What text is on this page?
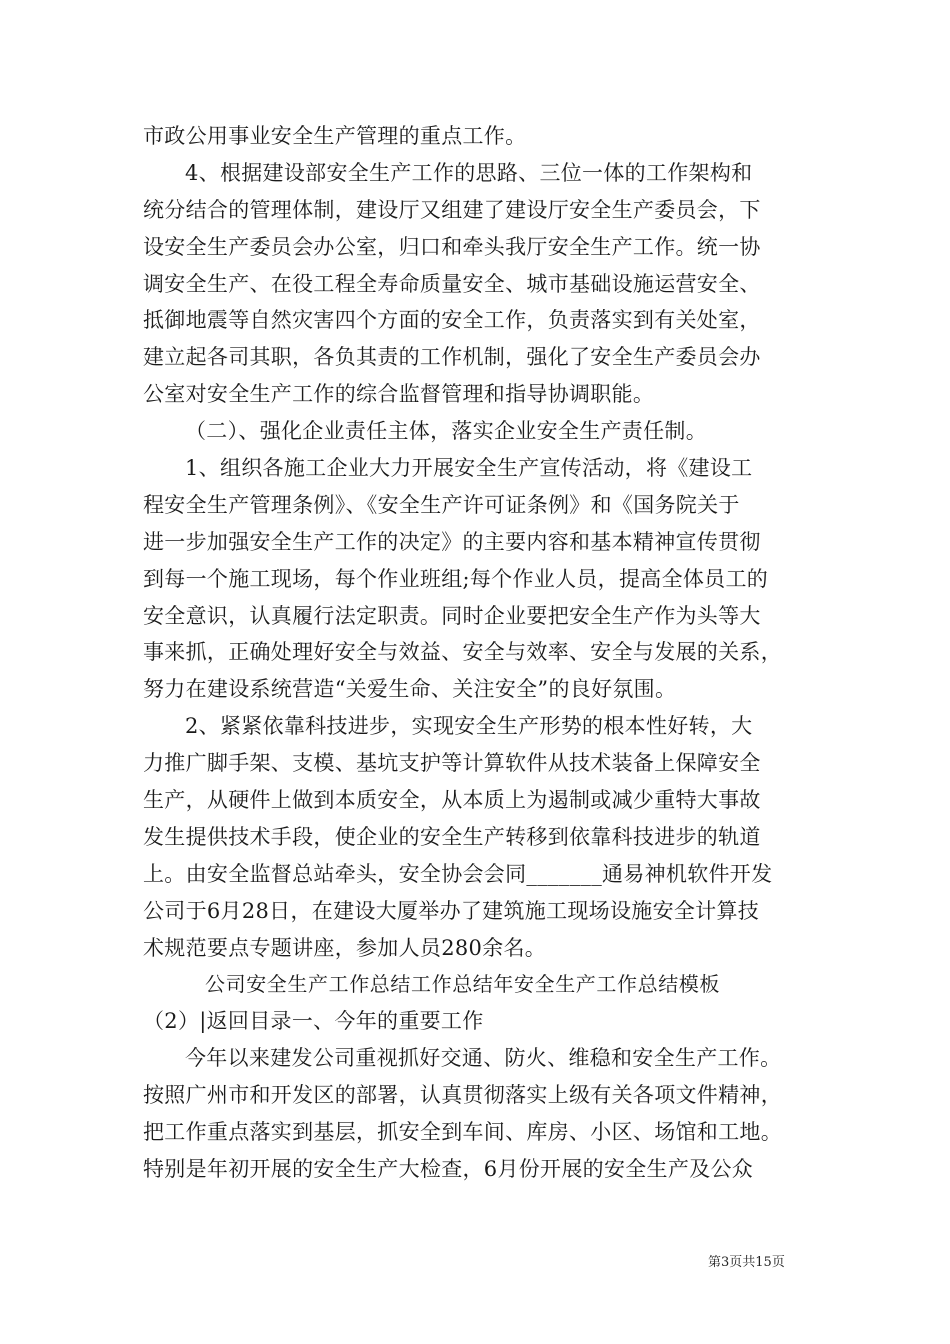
市政公用事业安全生产管理的重点工作。
4、根据建设部安全生产工作的思路、三位一体的工作架构和
统分结合的管理体制，建设厅又组建了建设厅安全生产委员会，下
设安全生产委员会办公室，归口和牵头我厅安全生产工作。统一协
调安全生产、在役工程全寿命质量安全、城市基础设施运营安全、
抵御地震等自然灾害四个方面的安全工作，负责落实到有关处室，
建立起各司其职，各负其责的工作机制，强化了安全生产委员会办
公室对安全生产工作的综合监督管理和指导协调职能。
（二）、强化企业责任主体，落实企业安全生产责任制。
1、组织各施工企业大力开展安全生产宣传活动，将《建设工
程安全生产管理条例》、《安全生产许可证条例》和《国务院关于
进一步加强安全生产工作的决定》的主要内容和基本精神宣传贯彻
到每一个施工现场，每个作业班组;每个作业人员，提高全体员工的
安全意识，认真履行法定职责。同时企业要把安全生产作为头等大
事来抓，正确处理好安全与效益、安全与效率、安全与发展的关系，
努力在建设系统营造“关爱生命、关注安全”的良好氛围。
2、紧紧依靠科技进步，实现安全生产形势的根本性好转，大
力推广脚手架、支模、基坑支护等计算软件从技术装备上保障安全
生产，从硬件上做到本质安全，从本质上为遏制或减少重特大事故
发生提供技术手段，使企业的安全生产转移到依靠科技进步的轨道
上。由安全监督总站牵头，安全协会会同_______通易神机软件开发
公司于6月28日，在建设大厦举办了建筑施工现场设施安全计算技
术规范要点专题讲座，参加人员280余名。
公司安全生产工作总结工作总结年安全生产工作总结模板
（2）|返回目录一、今年的重要工作
今年以来建发公司重视抓好交通、防火、维稳和安全生产工作。
按照广州市和开发区的部署，认真贯彻落实上级有关各项文件精神，
把工作重点落实到基层，抓安全到车间、库房、小区、场馆和工地。
特别是年初开展的安全生产大检查，6月份开展的安全生产及公众
第3页共15页
